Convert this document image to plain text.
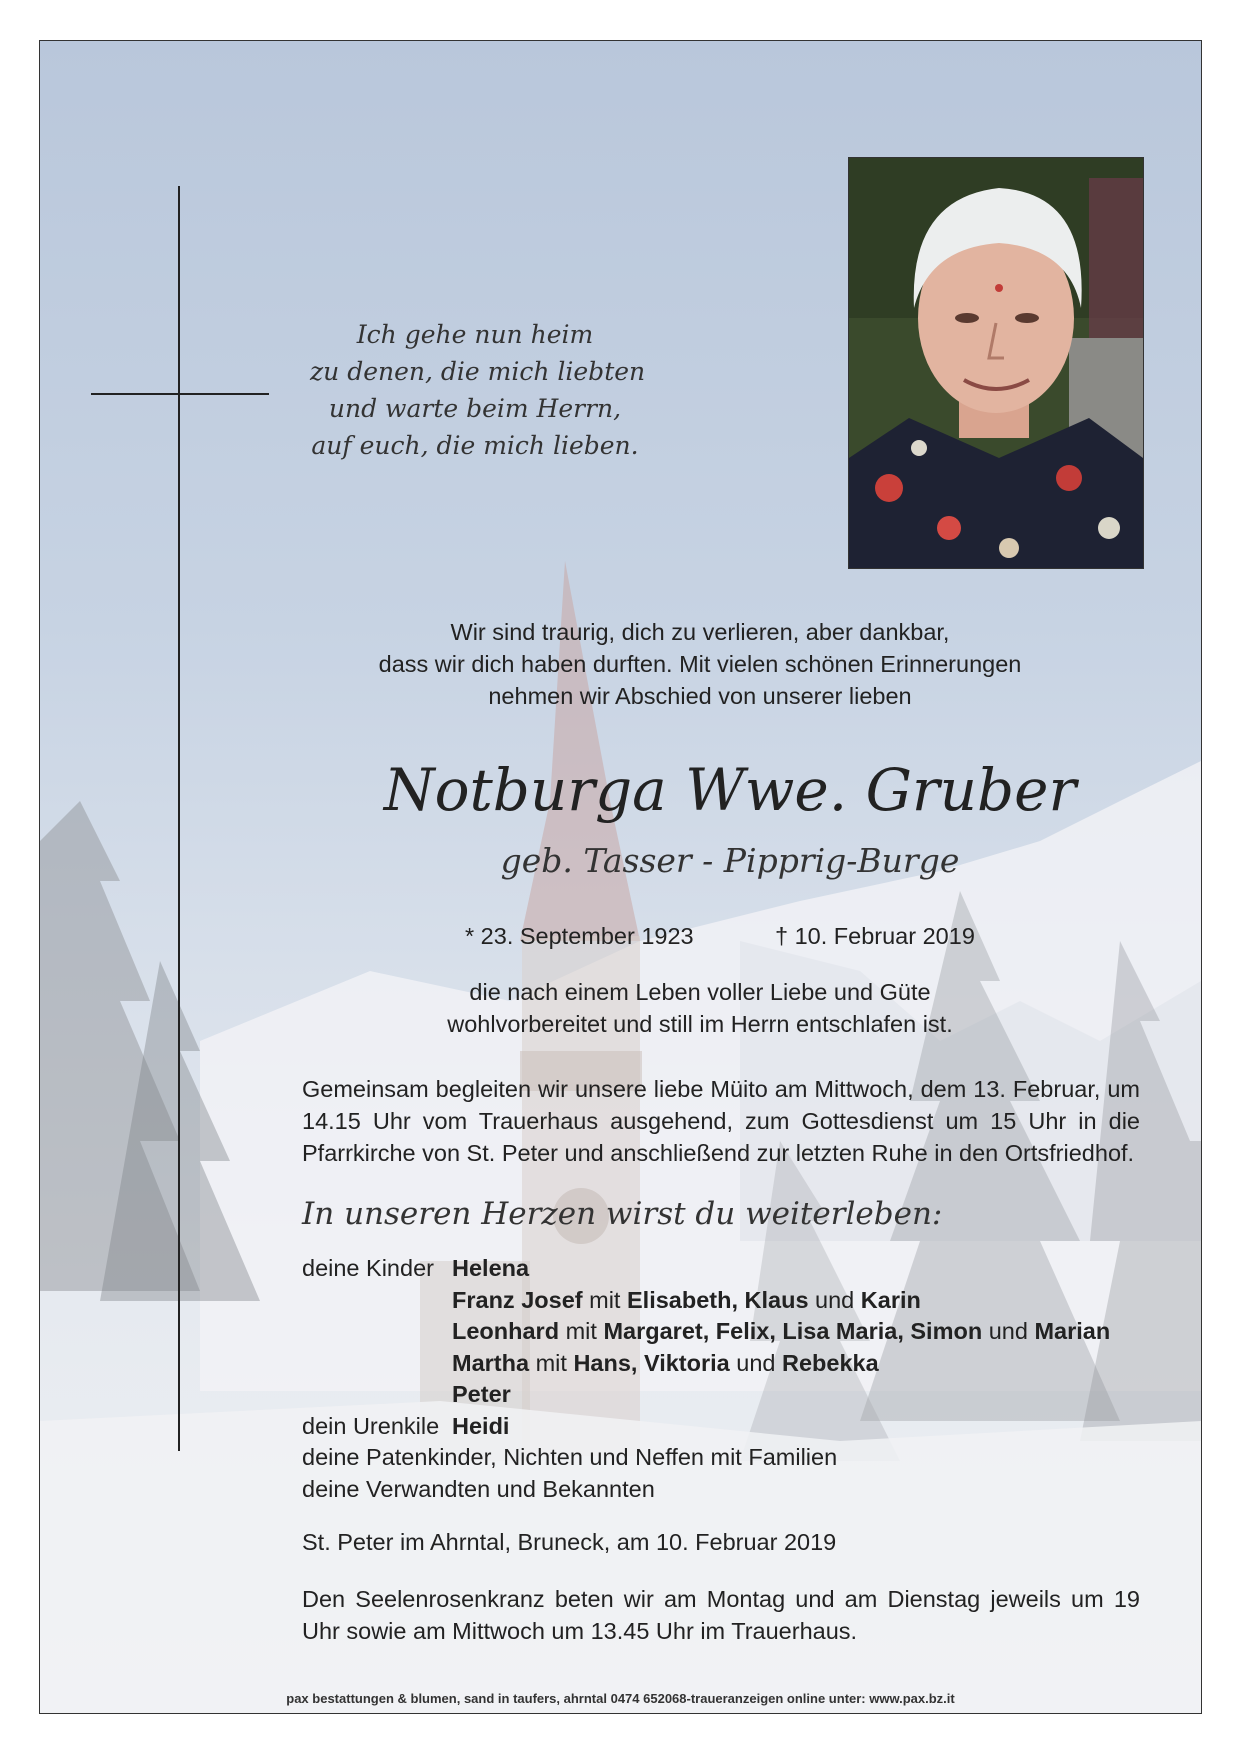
Ich gehe nun heim
zu denen, die mich liebten
und warte beim Herrn,
auf euch, die mich lieben.
Wir sind traurig, dich zu verlieren, aber dankbar,
dass wir dich haben durften. Mit vielen schönen Erinnerungen
nehmen wir Abschied von unserer lieben
Notburga Wwe. Gruber
geb. Tasser - Pipprig-Burge
* 23. September 1923	† 10. Februar 2019
die nach einem Leben voller Liebe und Güte
wohlvorbereitet und still im Herrn entschlafen ist.
Gemeinsam begleiten wir unsere liebe Müito am Mittwoch, dem 13. Februar, um 14.15 Uhr vom Trauerhaus ausgehend, zum Gottesdienst um 15 Uhr in die Pfarrkirche von St. Peter und anschließend zur letzten Ruhe in den Ortsfriedhof.
In unseren Herzen wirst du weiterleben:
deine Kinder Helena
Franz Josef mit Elisabeth, Klaus und Karin
Leonhard mit Margaret, Felix, Lisa Maria, Simon und Marian
Martha mit Hans, Viktoria und Rebekka
Peter
dein Urenkile Heidi
deine Patenkinder, Nichten und Neffen mit Familien
deine Verwandten und Bekannten
St. Peter im Ahrntal, Bruneck, am 10. Februar 2019
Den Seelenrosenkranz beten wir am Montag und am Dienstag jeweils um 19 Uhr sowie am Mittwoch um 13.45 Uhr im Trauerhaus.
pax bestattungen & blumen, sand in taufers, ahrntal 0474 652068-traueranzeigen online unter: www.pax.bz.it
